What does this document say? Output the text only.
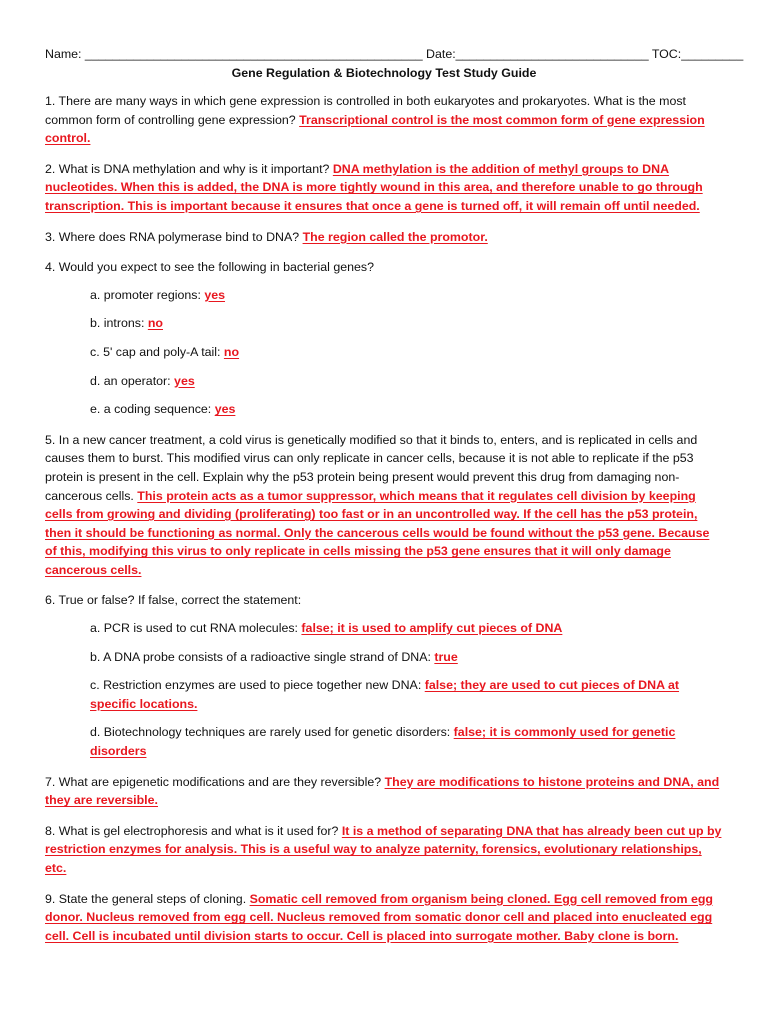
Name: _________________________________________________ Date:____________________________ TOC:_________
Gene Regulation & Biotechnology Test Study Guide
1. There are many ways in which gene expression is controlled in both eukaryotes and prokaryotes. What is the most common form of controlling gene expression? Transcriptional control is the most common form of gene expression control.
2. What is DNA methylation and why is it important? DNA methylation is the addition of methyl groups to DNA nucleotides. When this is added, the DNA is more tightly wound in this area, and therefore unable to go through transcription. This is important because it ensures that once a gene is turned off, it will remain off until needed.
3. Where does RNA polymerase bind to DNA? The region called the promotor.
4. Would you expect to see the following in bacterial genes?
a. promoter regions: yes
b. introns: no
c. 5' cap and poly-A tail: no
d. an operator: yes
e. a coding sequence: yes
5. In a new cancer treatment, a cold virus is genetically modified so that it binds to, enters, and is replicated in cells and causes them to burst. This modified virus can only replicate in cancer cells, because it is not able to replicate if the p53 protein is present in the cell. Explain why the p53 protein being present would prevent this drug from damaging non-cancerous cells. This protein acts as a tumor suppressor, which means that it regulates cell division by keeping cells from growing and dividing (proliferating) too fast or in an uncontrolled way. If the cell has the p53 protein, then it should be functioning as normal. Only the cancerous cells would be found without the p53 gene. Because of this, modifying this virus to only replicate in cells missing the p53 gene ensures that it will only damage cancerous cells.
6. True or false? If false, correct the statement:
a. PCR is used to cut RNA molecules: false; it is used to amplify cut pieces of DNA
b. A DNA probe consists of a radioactive single strand of DNA: true
c. Restriction enzymes are used to piece together new DNA: false; they are used to cut pieces of DNA at specific locations.
d. Biotechnology techniques are rarely used for genetic disorders: false; it is commonly used for genetic disorders
7. What are epigenetic modifications and are they reversible? They are modifications to histone proteins and DNA, and they are reversible.
8. What is gel electrophoresis and what is it used for? It is a method of separating DNA that has already been cut up by restriction enzymes for analysis. This is a useful way to analyze paternity, forensics, evolutionary relationships, etc.
9. State the general steps of cloning. Somatic cell removed from organism being cloned. Egg cell removed from egg donor. Nucleus removed from egg cell. Nucleus removed from somatic donor cell and placed into enucleated egg cell. Cell is incubated until division starts to occur. Cell is placed into surrogate mother. Baby clone is born.
